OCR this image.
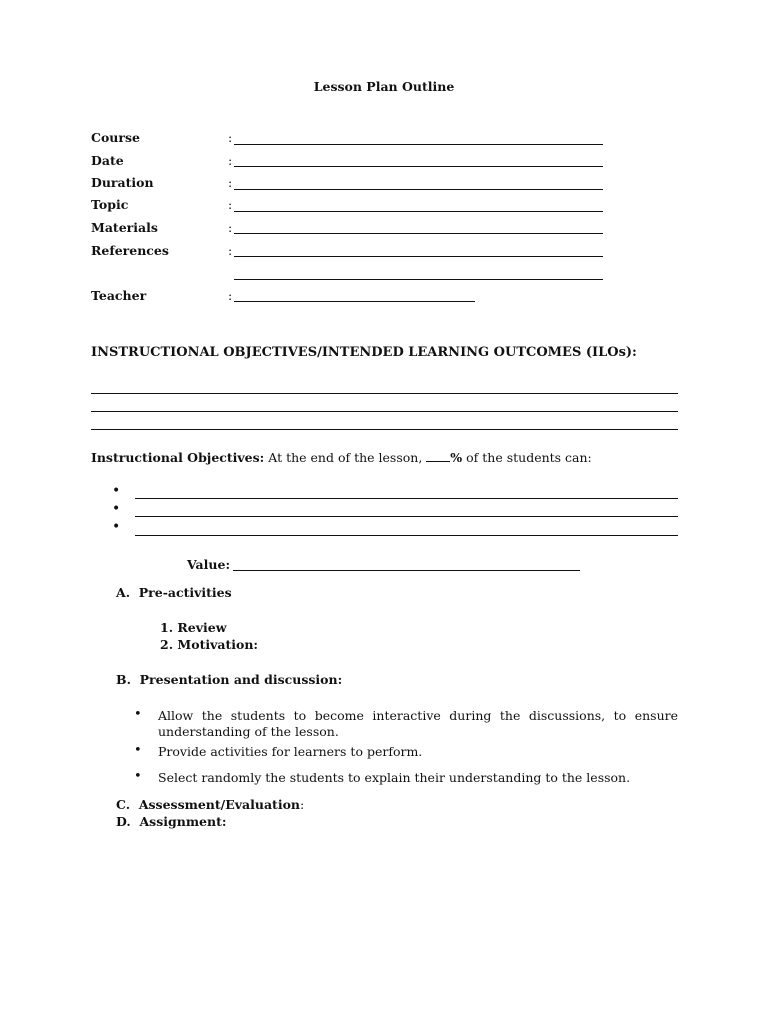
Lesson Plan Outline
Course	:
Date	:
Duration	:
Topic	:
Materials	:
References	:
Teacher	:
INSTRUCTIONAL OBJECTIVES/INTENDED LEARNING OUTCOMES (ILOs):
Instructional Objectives: At the end of the lesson, % of the students can:
•
•
•
Value:
A. Pre-activities
1. Review
2. Motivation:
B. Presentation and discussion:
• Allow the students to become interactive during the discussions, to ensure understanding of the lesson.
• Provide activities for learners to perform.
• Select randomly the students to explain their understanding to the lesson.
C. Assessment/Evaluation:
D. Assignment:
